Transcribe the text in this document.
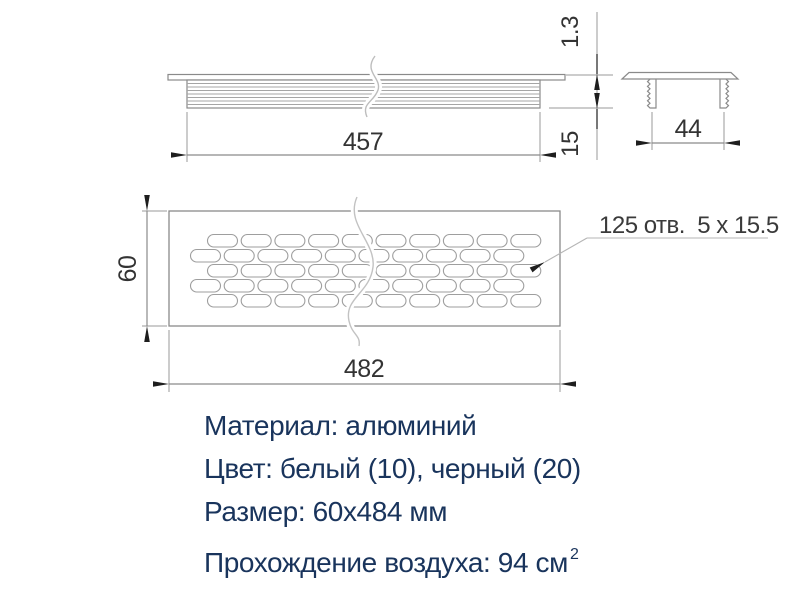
457
1.3
15
44
60
482
125 отв.  5 x 15.5
Материал: алюминий
Цвет: белый (10), черный (20)
Размер: 60x484 мм
Прохождение воздуха: 94 см $^2$
